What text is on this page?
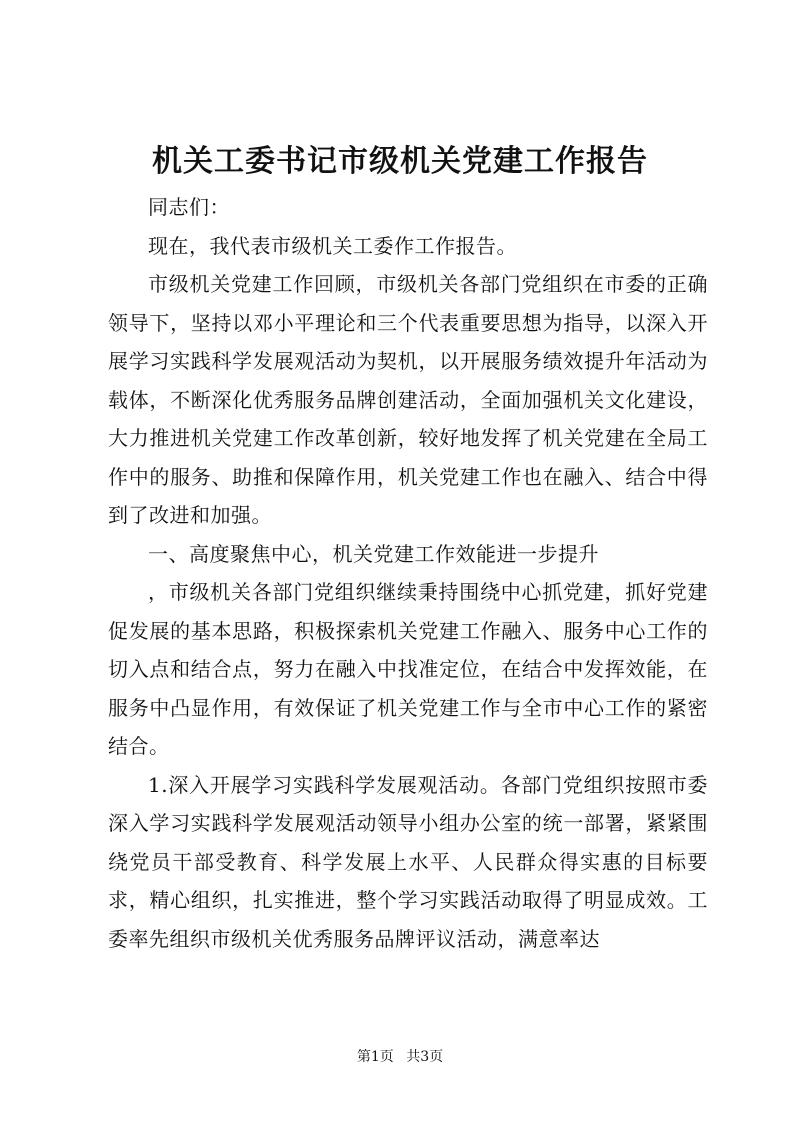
机关工委书记市级机关党建工作报告

同志们：

现在，我代表市级机关工委作工作报告。

市级机关党建工作回顾，市级机关各部门党组织在市委的正确领导下，坚持以邓小平理论和三个代表重要思想为指导，以深入开展学习实践科学发展观活动为契机，以开展服务绩效提升年活动为载体，不断深化优秀服务品牌创建活动，全面加强机关文化建设，大力推进机关党建工作改革创新，较好地发挥了机关党建在全局工作中的服务、助推和保障作用，机关党建工作也在融入、结合中得到了改进和加强。

一、高度聚焦中心，机关党建工作效能进一步提升

，市级机关各部门党组织继续秉持围绕中心抓党建，抓好党建促发展的基本思路，积极探索机关党建工作融入、服务中心工作的切入点和结合点，努力在融入中找准定位，在结合中发挥效能，在服务中凸显作用，有效保证了机关党建工作与全市中心工作的紧密结合。

1.深入开展学习实践科学发展观活动。各部门党组织按照市委深入学习实践科学发展观活动领导小组办公室的统一部署，紧紧围绕党员干部受教育、科学发展上水平、人民群众得实惠的目标要求，精心组织，扎实推进，整个学习实践活动取得了明显成效。工委率先组织市级机关优秀服务品牌评议活动，满意率达

第1页 共3页
